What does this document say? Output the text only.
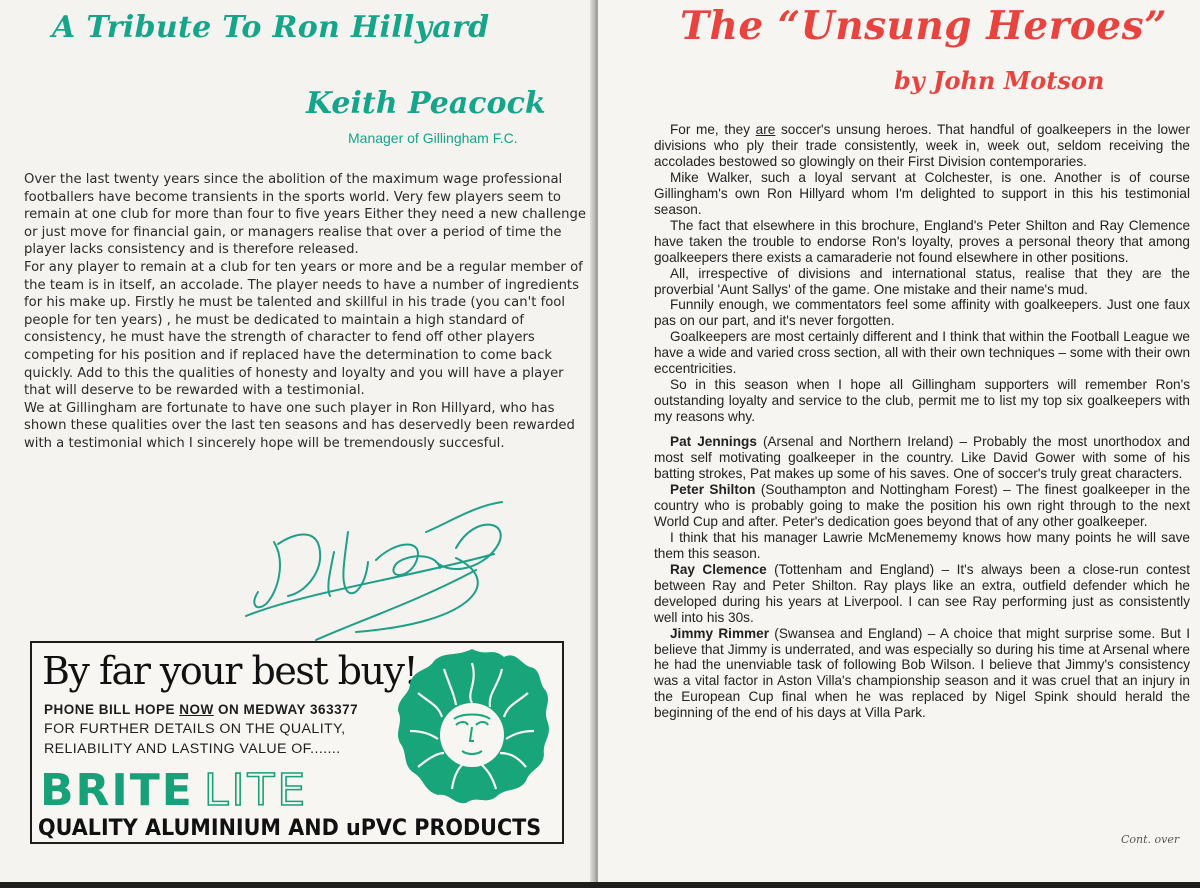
A Tribute To Ron Hillyard
Keith Peacock
Manager of Gillingham F.C.

Over the last twenty years since the abolition of the maximum wage professional footballers have become transients in the sports world. Very few players seem to remain at one club for more than four to five years Either they need a new challenge or just move for financial gain, or managers realise that over a period of time the player lacks consistency and is therefore released.

For any player to remain at a club for ten years or more and be a regular member of the team is in itself, an accolade. The player needs to have a number of ingredients for his make up. Firstly he must be talented and skillful in his trade (you can't fool people for ten years) , he must be dedicated to maintain a high standard of consistency, he must have the strength of character to fend off other players competing for his position and if replaced have the determination to come back quickly. Add to this the qualities of honesty and loyalty and you will have a player that will deserve to be rewarded with a testimonial.

We at Gillingham are fortunate to have one such player in Ron Hillyard, who has shown these qualities over the last ten seasons and has deservedly been rewarded with a testimonial which I sincerely hope will be tremendously succesful.

By far your best buy!
PHONE BILL HOPE NOW ON MEDWAY 363377
FOR FURTHER DETAILS ON THE QUALITY,
RELIABILITY AND LASTING VALUE OF.......
BRITE LITE
QUALITY ALUMINIUM AND uPVC PRODUCTS
The “Unsung Heroes”
by John Motson

For me, they are soccer's unsung heroes. That handful of goalkeepers in the lower divisions who ply their trade consistently, week in, week out, seldom receiving the accolades bestowed so glowingly on their First Division contemporaries.

Mike Walker, such a loyal servant at Colchester, is one. Another is of course Gillingham's own Ron Hillyard whom I'm delighted to support in this his testimonial season.

The fact that elsewhere in this brochure, England's Peter Shilton and Ray Clemence have taken the trouble to endorse Ron's loyalty, proves a personal theory that among goalkeepers there exists a camaraderie not found elsewhere in other positions.

All, irrespective of divisions and international status, realise that they are the proverbial 'Aunt Sallys' of the game. One mistake and their name's mud.

Funnily enough, we commentators feel some affinity with goalkeepers. Just one faux pas on our part, and it's never forgotten.

Goalkeepers are most certainly different and I think that within the Football League we have a wide and varied cross section, all with their own techniques – some with their own eccentricities.

So in this season when I hope all Gillingham supporters will remember Ron's outstanding loyalty and service to the club, permit me to list my top six goalkeepers with my reasons why.

Pat Jennings (Arsenal and Northern Ireland) – Probably the most unorthodox and most self motivating goalkeeper in the country. Like David Gower with some of his batting strokes, Pat makes up some of his saves. One of soccer's truly great characters.

Peter Shilton (Southampton and Nottingham Forest) – The finest goalkeeper in the country who is probably going to make the position his own right through to the next World Cup and after. Peter's dedication goes beyond that of any other goalkeeper.

I think that his manager Lawrie McMenememy knows how many points he will save them this season.

Ray Clemence (Tottenham and England) – It's always been a close-run contest between Ray and Peter Shilton. Ray plays like an extra, outfield defender which he developed during his years at Liverpool. I can see Ray performing just as consistently well into his 30s.

Jimmy Rimmer (Swansea and England) – A choice that might surprise some. But I believe that Jimmy is underrated, and was especially so during his time at Arsenal where he had the unenviable task of following Bob Wilson. I believe that Jimmy's consistency was a vital factor in Aston Villa's championship season and it was cruel that an injury in the European Cup final when he was replaced by Nigel Spink should herald the beginning of the end of his days at Villa Park.

Cont. over
